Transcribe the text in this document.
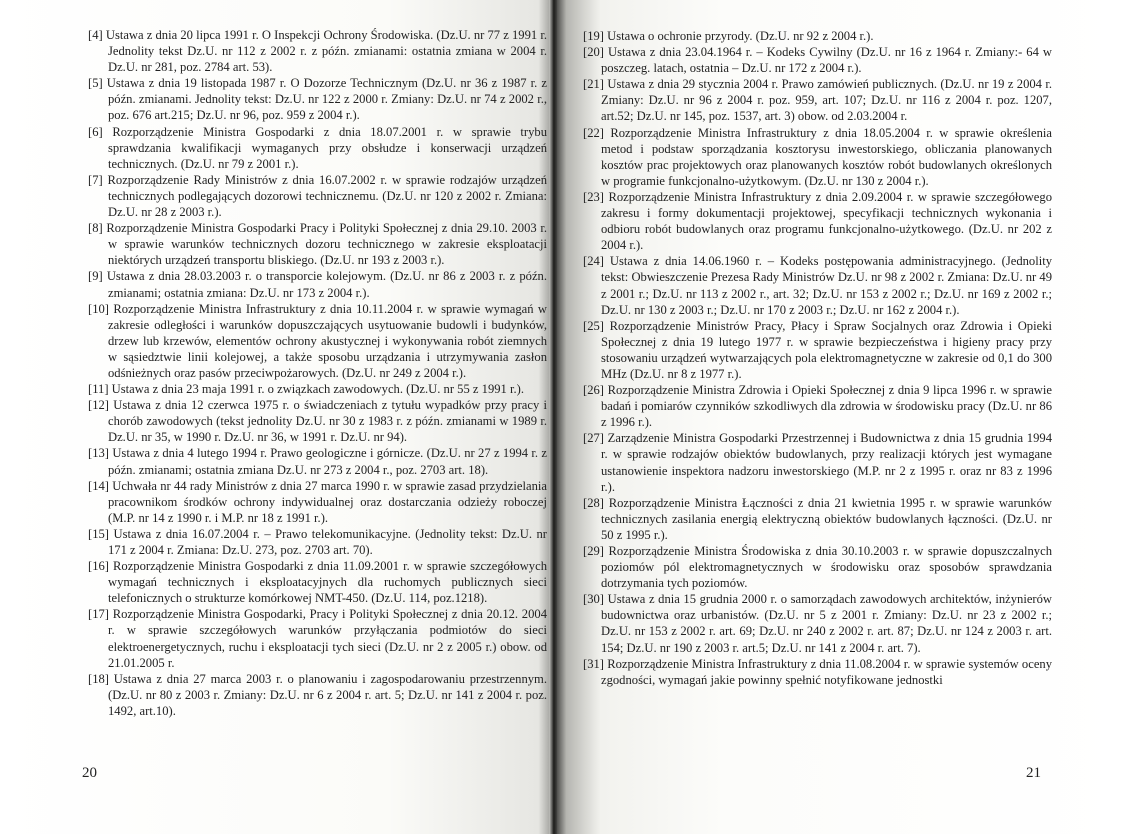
[4] Ustawa z dnia 20 lipca 1991 r. O Inspekcji Ochrony Środowiska. (Dz.U. nr 77 z 1991 r. Jednolity tekst Dz.U. nr 112 z 2002 r. z późn. zmianami: ostatnia zmiana w 2004 r. Dz.U. nr 281, poz. 2784 art. 53).

[5] Ustawa z dnia 19 listopada 1987 r. O Dozorze Technicznym (Dz.U. nr 36 z 1987 r. z późn. zmianami. Jednolity tekst: Dz.U. nr 122 z 2000 r. Zmiany: Dz.U. nr 74 z 2002 r., poz. 676 art.215; Dz.U. nr 96, poz. 959 z 2004 r.).

[6] Rozporządzenie Ministra Gospodarki z dnia 18.07.2001 r. w sprawie trybu sprawdzania kwalifikacji wymaganych przy obsłudze i konserwacji urządzeń technicznych. (Dz.U. nr 79 z 2001 r.).

[7] Rozporządzenie Rady Ministrów z dnia 16.07.2002 r. w sprawie rodzajów urządzeń technicznych podlegających dozorowi technicznemu. (Dz.U. nr 120 z 2002 r. Zmiana: Dz.U. nr 28 z 2003 r.).

[8] Rozporządzenie Ministra Gospodarki Pracy i Polityki Społecznej z dnia 29.10. 2003 r. w sprawie warunków technicznych dozoru technicznego w zakresie eksploatacji niektórych urządzeń transportu bliskiego. (Dz.U. nr 193 z 2003 r.).

[9] Ustawa z dnia 28.03.2003 r. o transporcie kolejowym. (Dz.U. nr 86 z 2003 r. z późn. zmianami; ostatnia zmiana: Dz.U. nr 173 z 2004 r.).

[10] Rozporządzenie Ministra Infrastruktury z dnia 10.11.2004 r. w sprawie wymagań w zakresie odległości i warunków dopuszczających usytuowanie budowli i budynków, drzew lub krzewów, elementów ochrony akustycznej i wykonywania robót ziemnych w sąsiedztwie linii kolejowej, a także sposobu urządzania i utrzymywania zasłon odśnieżnych oraz pasów przeciwpożarowych. (Dz.U. nr 249 z 2004 r.).

[11] Ustawa z dnia 23 maja 1991 r. o związkach zawodowych. (Dz.U. nr 55 z 1991 r.).

[12] Ustawa z dnia 12 czerwca 1975 r. o świadczeniach z tytułu wypadków przy pracy i chorób zawodowych (tekst jednolity Dz.U. nr 30 z 1983 r. z późn. zmianami w 1989 r. Dz.U. nr 35, w 1990 r. Dz.U. nr 36, w 1991 r. Dz.U. nr 94).

[13] Ustawa z dnia 4 lutego 1994 r. Prawo geologiczne i górnicze. (Dz.U. nr 27 z 1994 r. z późn. zmianami; ostatnia zmiana Dz.U. nr 273 z 2004 r., poz. 2703 art. 18).

[14] Uchwała nr 44 rady Ministrów z dnia 27 marca 1990 r. w sprawie zasad przydzielania pracownikom środków ochrony indywidualnej oraz dostarczania odzieży roboczej (M.P. nr 14 z 1990 r. i M.P. nr 18 z 1991 r.).

[15] Ustawa z dnia 16.07.2004 r. – Prawo telekomunikacyjne. (Jednolity tekst: Dz.U. nr 171 z 2004 r. Zmiana: Dz.U. 273, poz. 2703 art. 70).

[16] Rozporządzenie Ministra Gospodarki z dnia 11.09.2001 r. w sprawie szczegółowych wymagań technicznych i eksploatacyjnych dla ruchomych publicznych sieci telefonicznych o strukturze komórkowej NMT-450. (Dz.U. 114, poz.1218).

[17] Rozporządzenie Ministra Gospodarki, Pracy i Polityki Społecznej z dnia 20.12. 2004 r. w sprawie szczegółowych warunków przyłączania podmiotów do sieci elektroenergetycznych, ruchu i eksploatacji tych sieci (Dz.U. nr 2 z 2005 r.) obow. od 21.01.2005 r.

[18] Ustawa z dnia 27 marca 2003 r. o planowaniu i zagospodarowaniu przestrzennym. (Dz.U. nr 80 z 2003 r. Zmiany: Dz.U. nr 6 z 2004 r. art. 5; Dz.U. nr 141 z 2004 r. poz. 1492, art.10).

20

[19] Ustawa o ochronie przyrody. (Dz.U. nr 92 z 2004 r.).

[20] Ustawa z dnia 23.04.1964 r. – Kodeks Cywilny (Dz.U. nr 16 z 1964 r. Zmiany:- 64 w poszczeg. latach, ostatnia – Dz.U. nr 172 z 2004 r.).

[21] Ustawa z dnia 29 stycznia 2004 r. Prawo zamówień publicznych. (Dz.U. nr 19 z 2004 r. Zmiany: Dz.U. nr 96 z 2004 r. poz. 959, art. 107; Dz.U. nr 116 z 2004 r. poz. 1207, art.52; Dz.U. nr 145, poz. 1537, art. 3) obow. od 2.03.2004 r.

[22] Rozporządzenie Ministra Infrastruktury z dnia 18.05.2004 r. w sprawie określenia metod i podstaw sporządzania kosztorysu inwestorskiego, obliczania planowanych kosztów prac projektowych oraz planowanych kosztów robót budowlanych określonych w programie funkcjonalno-użytkowym. (Dz.U. nr 130 z 2004 r.).

[23] Rozporządzenie Ministra Infrastruktury z dnia 2.09.2004 r. w sprawie szczegółowego zakresu i formy dokumentacji projektowej, specyfikacji technicznych wykonania i odbioru robót budowlanych oraz programu funkcjonalno-użytkowego. (Dz.U. nr 202 z 2004 r.).

[24] Ustawa z dnia 14.06.1960 r. – Kodeks postępowania administracyjnego. (Jednolity tekst: Obwieszczenie Prezesa Rady Ministrów Dz.U. nr 98 z 2002 r. Zmiana: Dz.U. nr 49 z 2001 r.; Dz.U. nr 113 z 2002 r., art. 32; Dz.U. nr 153 z 2002 r.; Dz.U. nr 169 z 2002 r.; Dz.U. nr 130 z 2003 r.; Dz.U. nr 170 z 2003 r.; Dz.U. nr 162 z 2004 r.).

[25] Rozporządzenie Ministrów Pracy, Płacy i Spraw Socjalnych oraz Zdrowia i Opieki Społecznej z dnia 19 lutego 1977 r. w sprawie bezpieczeństwa i higieny pracy przy stosowaniu urządzeń wytwarzających pola elektromagnetyczne w zakresie od 0,1 do 300 MHz (Dz.U. nr 8 z 1977 r.).

[26] Rozporządzenie Ministra Zdrowia i Opieki Społecznej z dnia 9 lipca 1996 r. w sprawie badań i pomiarów czynników szkodliwych dla zdrowia w środowisku pracy (Dz.U. nr 86 z 1996 r.).

[27] Zarządzenie Ministra Gospodarki Przestrzennej i Budownictwa z dnia 15 grudnia 1994 r. w sprawie rodzajów obiektów budowlanych, przy realizacji których jest wymagane ustanowienie inspektora nadzoru inwestorskiego (M.P. nr 2 z 1995 r. oraz nr 83 z 1996 r.).

[28] Rozporządzenie Ministra Łączności z dnia 21 kwietnia 1995 r. w sprawie warunków technicznych zasilania energią elektryczną obiektów budowlanych łączności. (Dz.U. nr 50 z 1995 r.).

[29] Rozporządzenie Ministra Środowiska z dnia 30.10.2003 r. w sprawie dopuszczalnych poziomów pól elektromagnetycznych w środowisku oraz sposobów sprawdzania dotrzymania tych poziomów.

[30] Ustawa z dnia 15 grudnia 2000 r. o samorządach zawodowych architektów, inżynierów budownictwa oraz urbanistów. (Dz.U. nr 5 z 2001 r. Zmiany: Dz.U. nr 23 z 2002 r.; Dz.U. nr 153 z 2002 r. art. 69; Dz.U. nr 240 z 2002 r. art. 87; Dz.U. nr 124 z 2003 r. art. 154; Dz.U. nr 190 z 2003 r. art.5; Dz.U. nr 141 z 2004 r. art. 7).

[31] Rozporządzenie Ministra Infrastruktury z dnia 11.08.2004 r. w sprawie systemów oceny zgodności, wymagań jakie powinny spełnić notyfikowane jednostki

21
